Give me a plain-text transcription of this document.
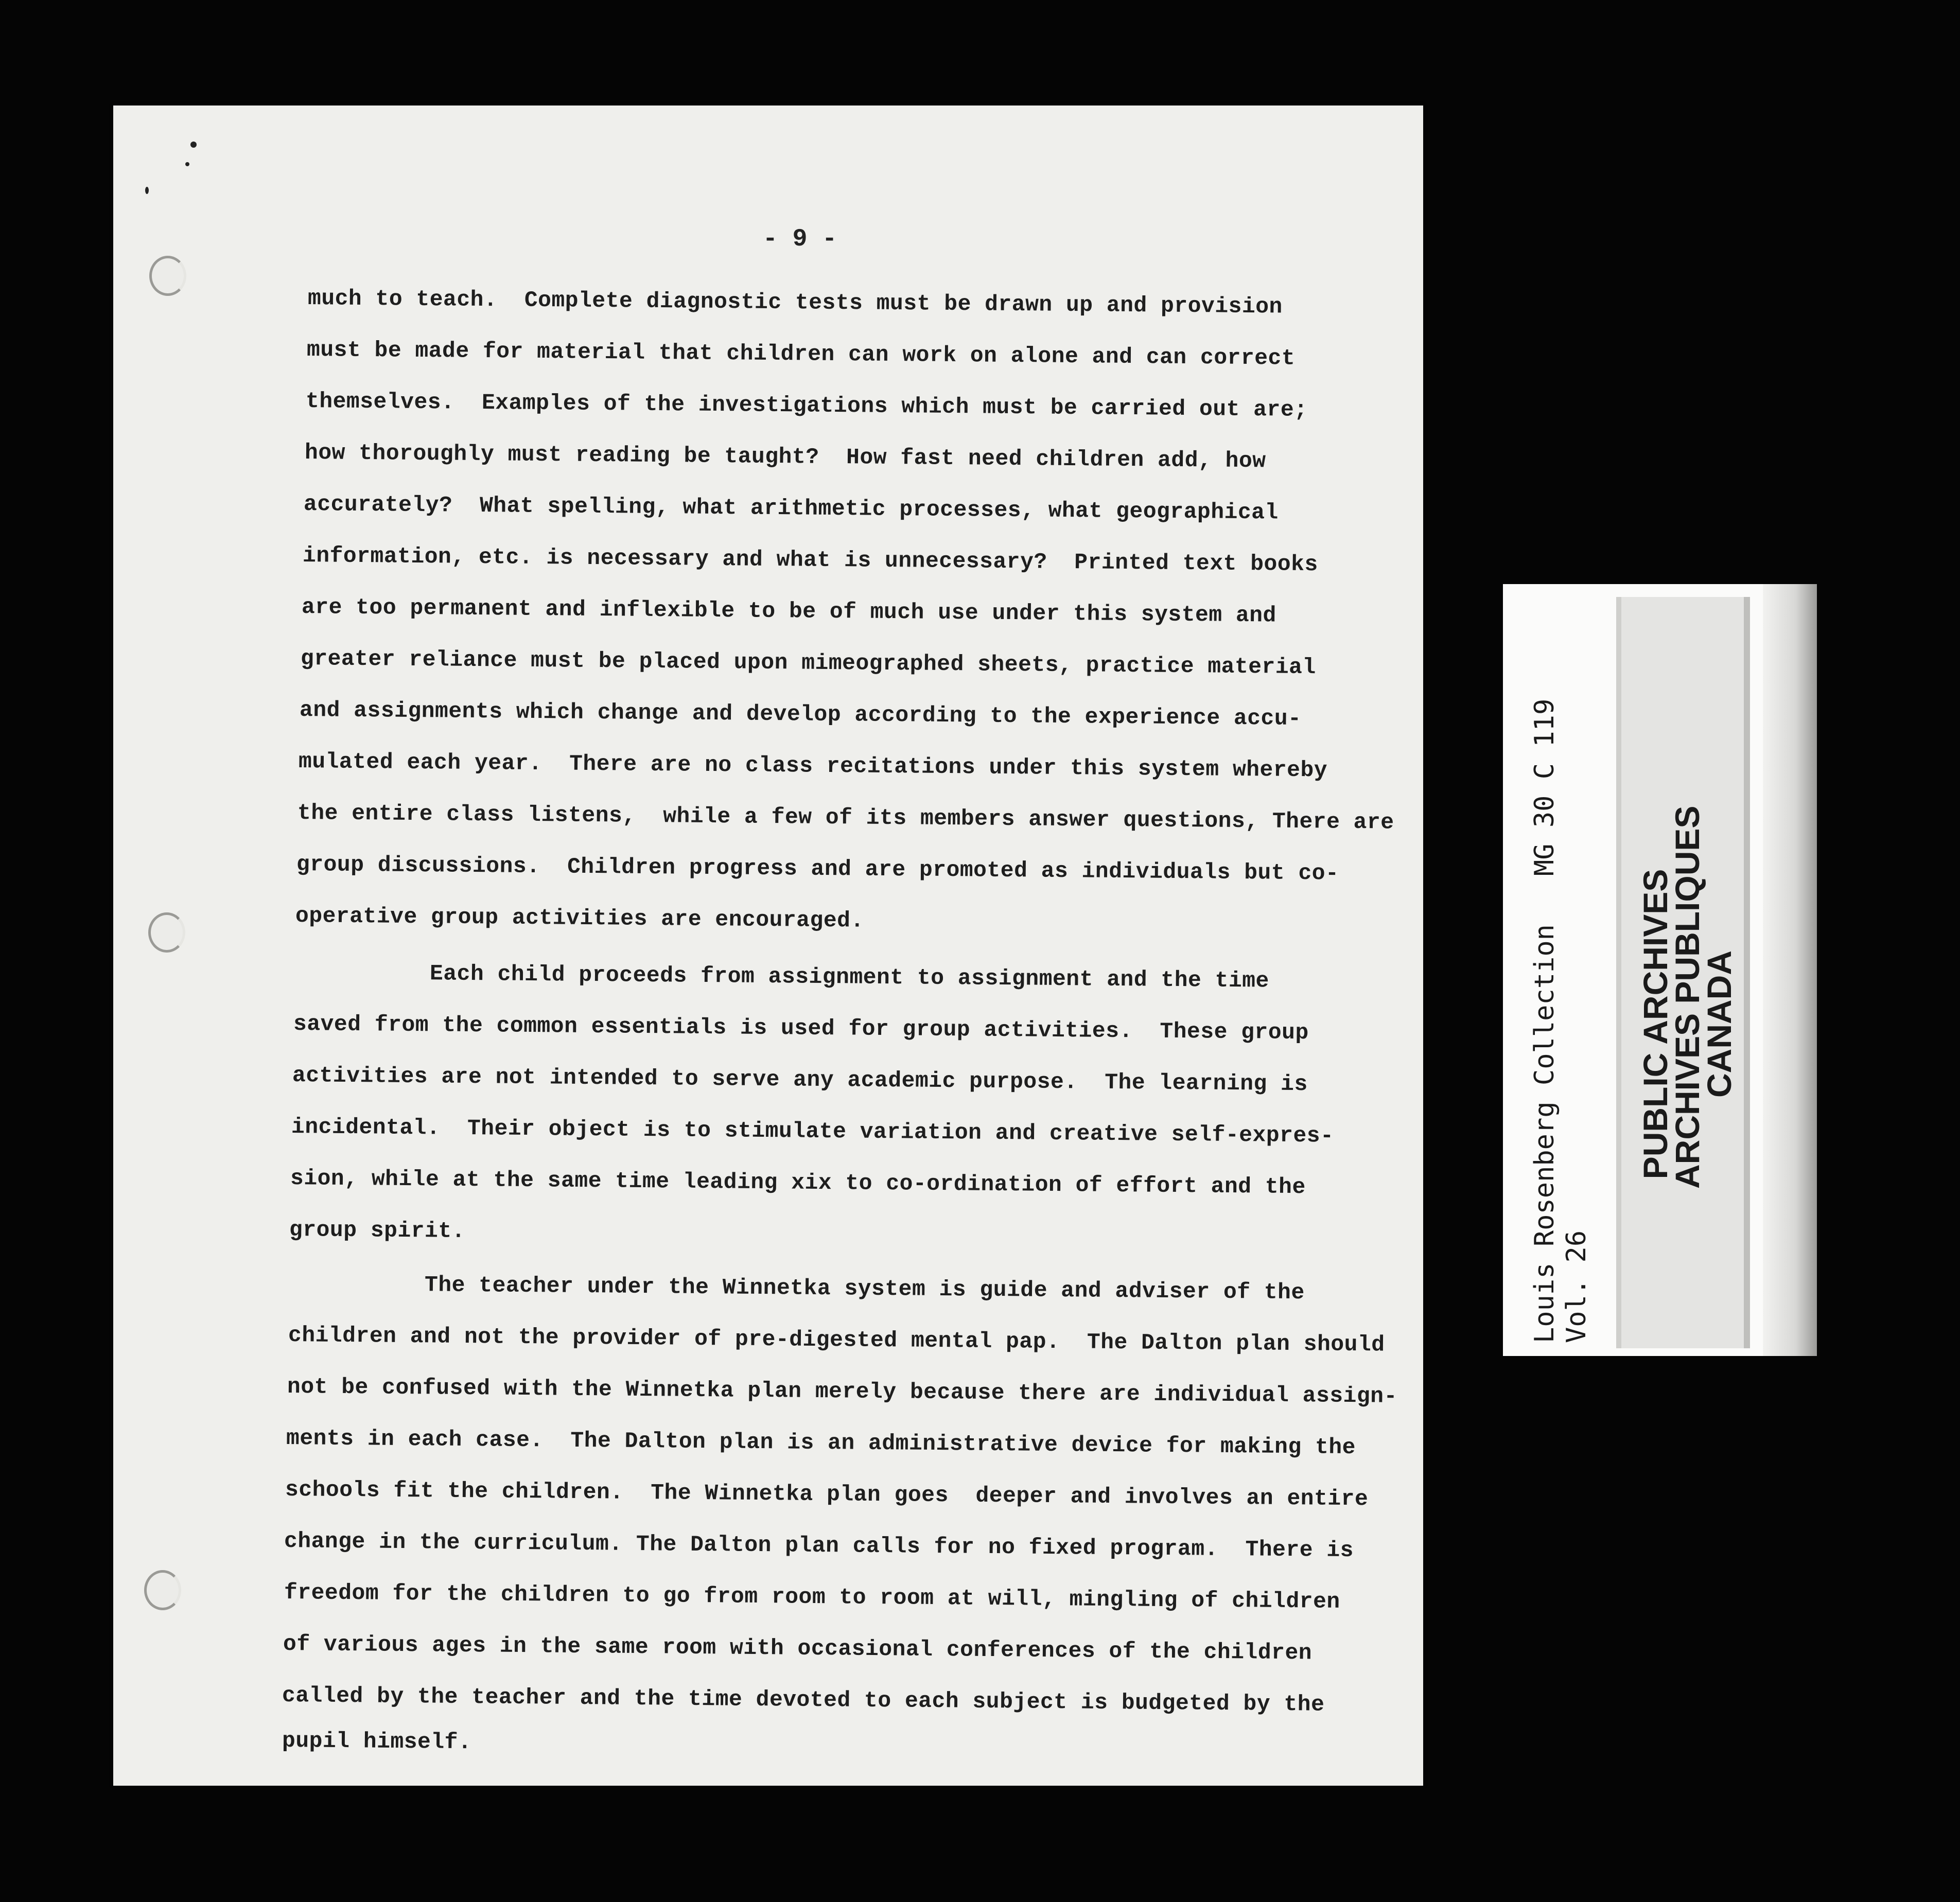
- 9 -
much to teach.  Complete diagnostic tests must be drawn up and provision
must be made for material that children can work on alone and can correct
themselves.  Examples of the investigations which must be carried out are;
how thoroughly must reading be taught?  How fast need children add, how
accurately?  What spelling, what arithmetic processes, what geographical
information, etc. is necessary and what is unnecessary?  Printed text books
are too permanent and inflexible to be of much use under this system and
greater reliance must be placed upon mimeographed sheets, practice material
and assignments which change and develop according to the experience accu-
mulated each year.  There are no class recitations under this system whereby
the entire class listens,  while a few of its members answer questions, There are
group discussions.  Children progress and are promoted as individuals but co-
operative group activities are encouraged.
Each child proceeds from assignment to assignment and the time
saved from the common essentials is used for group activities.  These group
activities are not intended to serve any academic purpose.  The learning is
incidental.  Their object is to stimulate variation and creative self-expres-
sion, while at the same time leading xix to co-ordination of effort and the
group spirit.
The teacher under the Winnetka system is guide and adviser of the
children and not the provider of pre-digested mental pap.  The Dalton plan should
not be confused with the Winnetka plan merely because there are individual assign-
ments in each case.  The Dalton plan is an administrative device for making the
schools fit the children.  The Winnetka plan goes  deeper and involves an entire
change in the curriculum. The Dalton plan calls for no fixed program.  There is
freedom for the children to go from room to room at will, mingling of children
of various ages in the same room with occasional conferences of the children
called by the teacher and the time devoted to each subject is budgeted by the
pupil himself.
Louis Rosenberg Collection   MG 30 C 119
Vol. 26
PUBLIC ARCHIVES
ARCHIVES PUBLIQUES
CANADA
